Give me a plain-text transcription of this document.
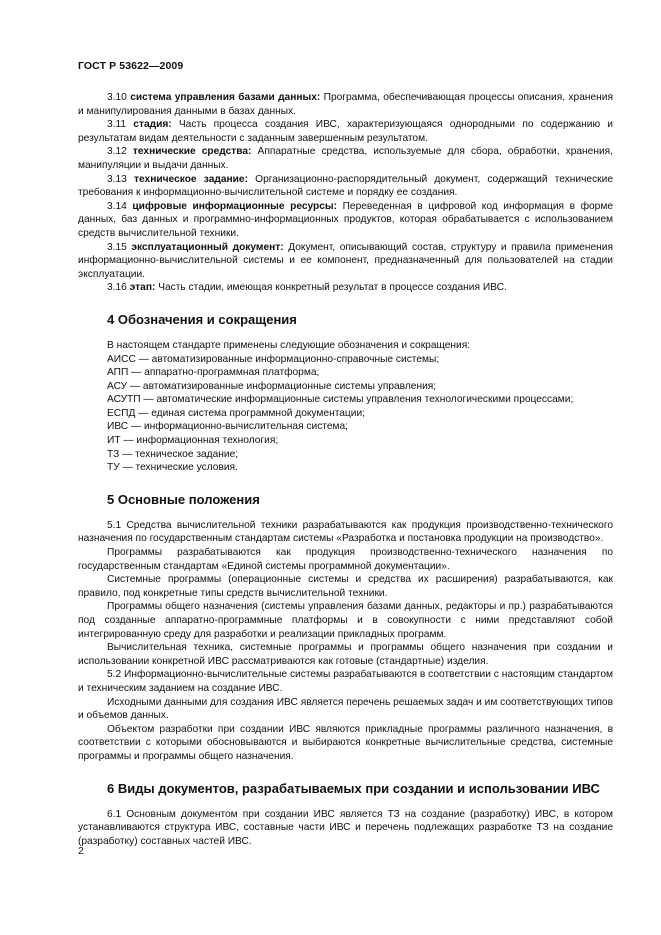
ГОСТ Р 53622—2009

3.10 система управления базами данных: Программа, обеспечивающая процессы описания, хранения и манипулирования данными в базах данных.

3.11 стадия: Часть процесса создания ИВС, характеризующаяся однородными по содержанию и результатам видам деятельности с заданным завершенным результатом.

3.12 технические средства: Аппаратные средства, используемые для сбора, обработки, хранения, манипуляции и выдачи данных.

3.13 техническое задание: Организационно-распорядительный документ, содержащий технические требования к информационно-вычислительной системе и порядку ее создания.

3.14 цифровые информационные ресурсы: Переведенная в цифровой код информация в форме данных, баз данных и программно-информационных продуктов, которая обрабатывается с использованием средств вычислительной техники.

3.15 эксплуатационный документ: Документ, описывающий состав, структуру и правила применения информационно-вычислительной системы и ее компонент, предназначенный для пользователей на стадии эксплуатации.

3.16 этап: Часть стадии, имеющая конкретный результат в процессе создания ИВС.

4 Обозначения и сокращения

В настоящем стандарте применены следующие обозначения и сокращения:

АИСС — автоматизированные информационно-справочные системы;

АПП — аппаратно-программная платформа;

АСУ — автоматизированные информационные системы управления;

АСУТП — автоматические информационные системы управления технологическими процессами;

ЕСПД — единая система программной документации;

ИВС — информационно-вычислительная система;

ИТ — информационная технология;

ТЗ — техническое задание;

ТУ — технические условия.

5 Основные положения

5.1 Средства вычислительной техники разрабатываются как продукция производственно-технического назначения по государственным стандартам системы «Разработка и постановка продукции на производство».

Программы разрабатываются как продукция производственно-технического назначения по государственным стандартам «Единой системы программной документации».

Системные программы (операционные системы и средства их расширения) разрабатываются, как правило, под конкретные типы средств вычислительной техники.

Программы общего назначения (системы управления базами данных, редакторы и пр.) разрабатываются под созданные аппаратно-программные платформы и в совокупности с ними представляют собой интегрированную среду для разработки и реализации прикладных программ.

Вычислительная техника, системные программы и программы общего назначения при создании и использовании конкретной ИВС рассматриваются как готовые (стандартные) изделия.

5.2 Информационно-вычислительные системы разрабатываются в соответствии с настоящим стандартом и техническим заданием на создание ИВС.

Исходными данными для создания ИВС является перечень решаемых задач и им соответствующих типов и объемов данных.

Объектом разработки при создании ИВС являются прикладные программы различного назначения, в соответствии с которыми обосновываются и выбираются конкретные вычислительные средства, системные программы и программы общего назначения.

6 Виды документов, разрабатываемых при создании и использовании ИВС

6.1 Основным документом при создании ИВС является ТЗ на создание (разработку) ИВС, в котором устанавливаются структура ИВС, составные части ИВС и перечень подлежащих разработке ТЗ на создание (разработку) составных частей ИВС.

2
